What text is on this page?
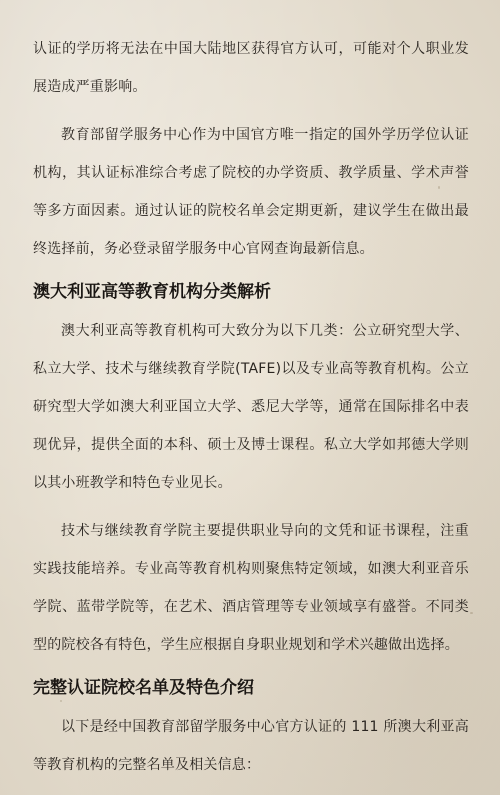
认证的学历将无法在中国大陆地区获得官方认可，可能对个人职业发展造成严重影响。

教育部留学服务中心作为中国官方唯一指定的国外学历学位认证机构，其认证标准综合考虑了院校的办学资质、教学质量、学术声誉等多方面因素。通过认证的院校名单会定期更新，建议学生在做出最终选择前，务必登录留学服务中心官网查询最新信息。

澳大利亚高等教育机构分类解析

澳大利亚高等教育机构可大致分为以下几类：公立研究型大学、私立大学、技术与继续教育学院(TAFE)以及专业高等教育机构。公立研究型大学如澳大利亚国立大学、悉尼大学等，通常在国际排名中表现优异，提供全面的本科、硕士及博士课程。私立大学如邦德大学则以其小班教学和特色专业见长。

技术与继续教育学院主要提供职业导向的文凭和证书课程，注重实践技能培养。专业高等教育机构则聚焦特定领域，如澳大利亚音乐学院、蓝带学院等，在艺术、酒店管理等专业领域享有盛誉。不同类型的院校各有特色，学生应根据自身职业规划和学术兴趣做出选择。

完整认证院校名单及特色介绍

以下是经中国教育部留学服务中心官方认证的 111 所澳大利亚高等教育机构的完整名单及相关信息：
